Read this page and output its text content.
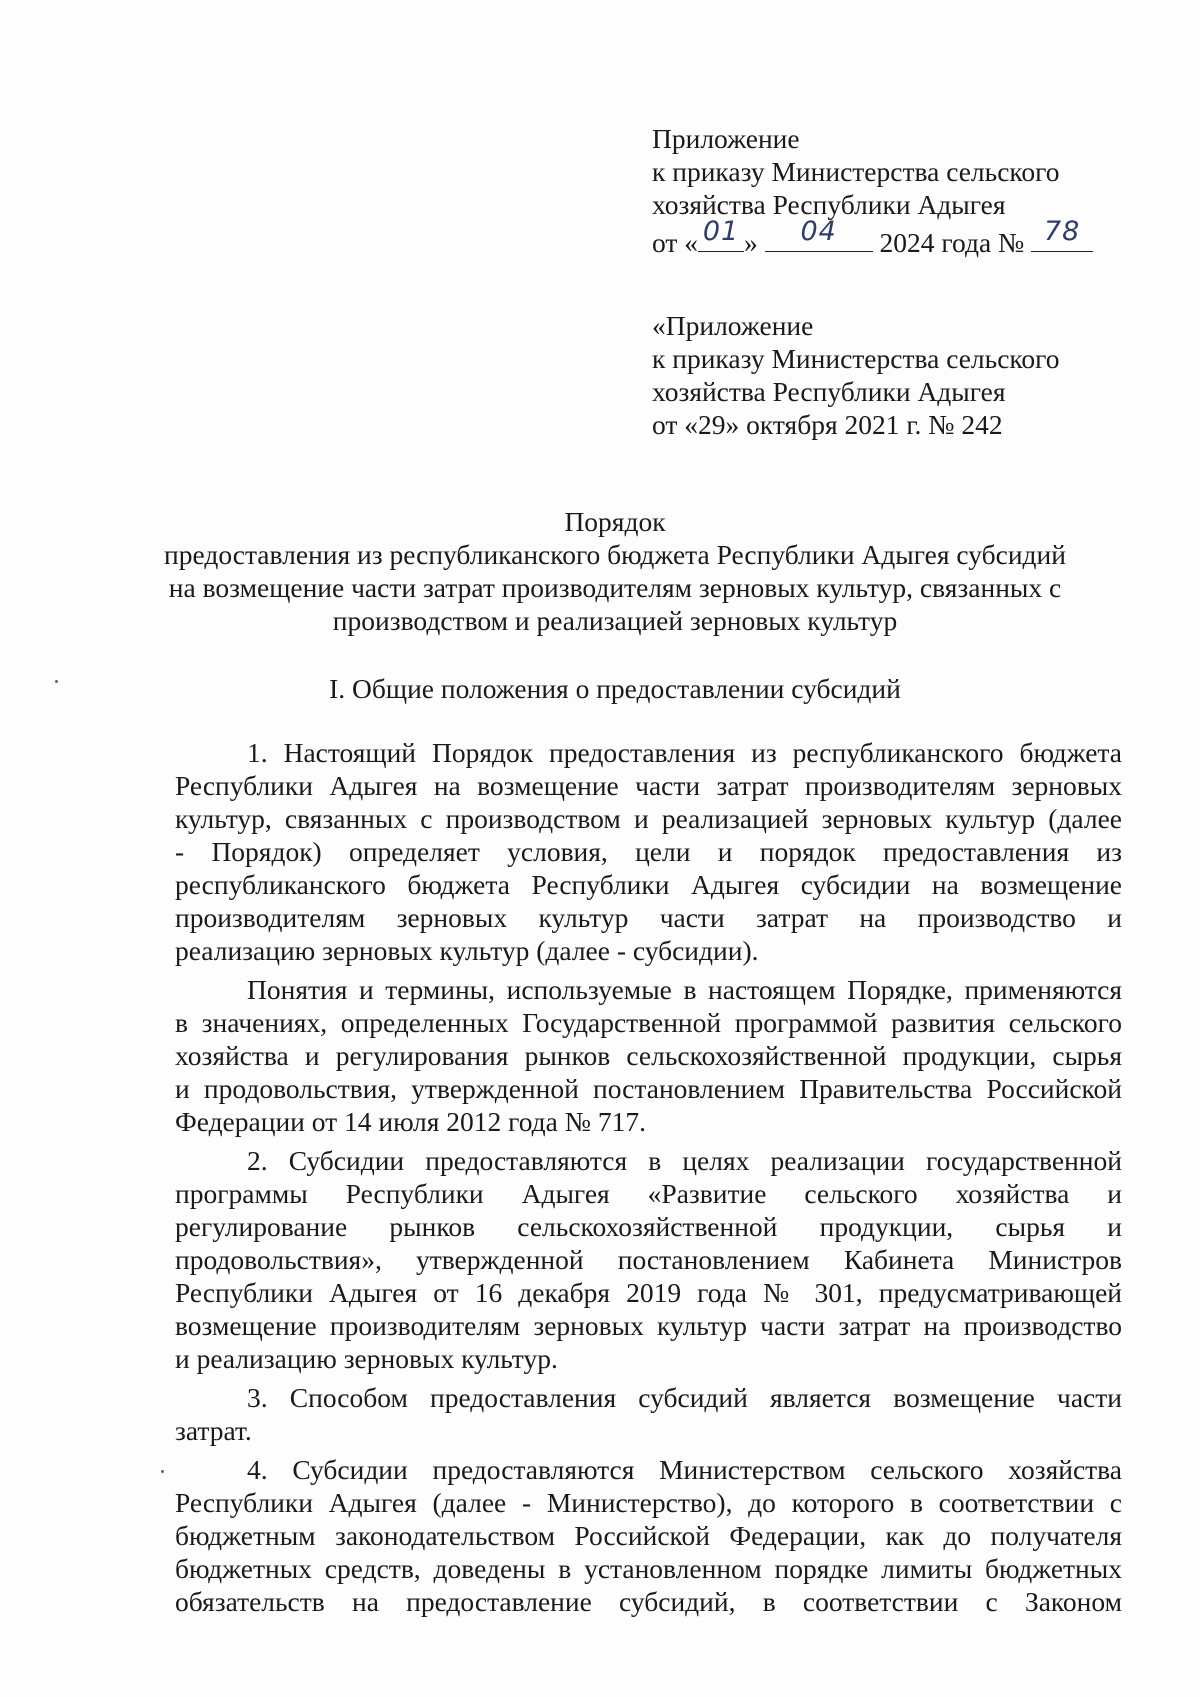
Приложение
к приказу Министерства сельского
хозяйства Республики Адыгея
от « 01 »	04	2024 года № 78
«Приложение
к приказу Министерства сельского
хозяйства Республики Адыгея
от «29» октября 2021 г. № 242
Порядок
предоставления из республиканского бюджета Республики Адыгея субсидий
на возмещение части затрат производителям зерновых культур, связанных с
производством и реализацией зерновых культур
I. Общие положения о предоставлении субсидий
1. Настоящий Порядок предоставления из республиканского бюджета
Республики Адыгея на возмещение части затрат производителям зерновых
культур, связанных с производством и реализацией зерновых культур (далее
- Порядок) определяет условия, цели и порядок предоставления из
республиканского бюджета Республики Адыгея субсидии на возмещение
производителям зерновых культур части затрат на производство и
реализацию зерновых культур (далее - субсидии).
Понятия и термины, используемые в настоящем Порядке, применяются
в значениях, определенных Государственной программой развития сельского
хозяйства и регулирования рынков сельскохозяйственной продукции, сырья
и продовольствия, утвержденной постановлением Правительства Российской
Федерации от 14 июля 2012 года № 717.
2. Субсидии предоставляются в целях реализации государственной
программы Республики Адыгея «Развитие сельского хозяйства и
регулирование рынков сельскохозяйственной продукции, сырья и
продовольствия», утвержденной постановлением Кабинета Министров
Республики Адыгея от 16 декабря 2019 года № 301, предусматривающей
возмещение производителям зерновых культур части затрат на производство
и реализацию зерновых культур.
3. Способом предоставления субсидий является возмещение части
затрат.
4. Субсидии предоставляются Министерством сельского хозяйства
Республики Адыгея (далее - Министерство), до которого в соответствии с
бюджетным законодательством Российской Федерации, как до получателя
бюджетных средств, доведены в установленном порядке лимиты бюджетных
обязательств на предоставление субсидий, в соответствии с Законом
